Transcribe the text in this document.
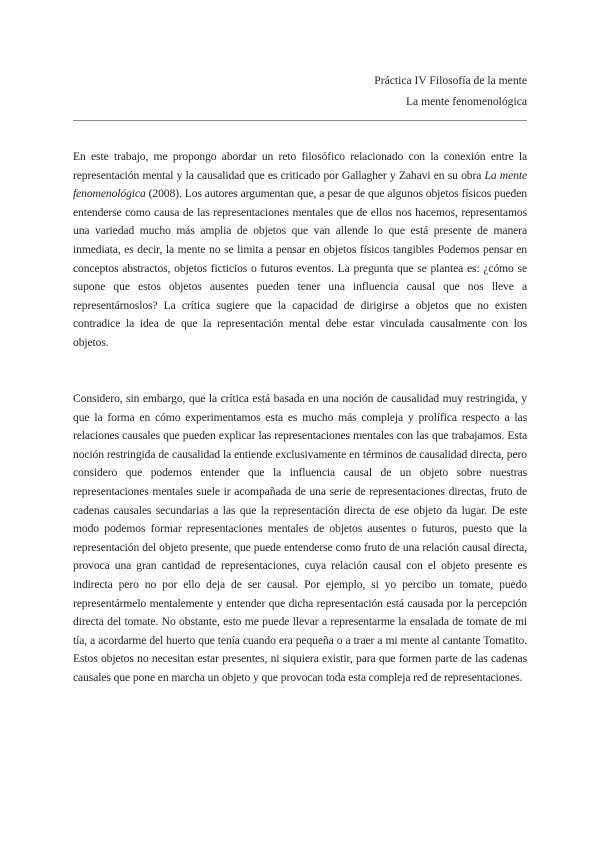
Práctica IV Filosofía de la mente
La mente fenomenológica

En este trabajo, me propongo abordar un reto filosófico relacionado con la conexión entre la representación mental y la causalidad que es criticado por Gallagher y Zahavi en su obra La mente fenomenológica (2008). Los autores argumentan que, a pesar de que algunos objetos físicos pueden entenderse como causa de las representaciones mentales que de ellos nos hacemos, representamos una variedad mucho más amplia de objetos que van allende lo que está presente de manera inmediata, es decir, la mente no se limita a pensar en objetos físicos tangibles Podemos pensar en conceptos abstractos, objetos ficticios o futuros eventos. La pregunta que se plantea es: ¿cómo se supone que estos objetos ausentes pueden tener una influencia causal que nos lleve a representárnoslos? La crítica sugiere que la capacidad de dirigirse a objetos que no existen contradice la idea de que la representación mental debe estar vinculada causalmente con los objetos.

Considero, sin embargo, que la crítica está basada en una noción de causalidad muy restringida, y que la forma en cómo experimentamos esta es mucho más compleja y prolífica respecto a las relaciones causales que pueden explicar las representaciones mentales con las que trabajamos. Esta noción restringida de causalidad la entiende exclusivamente en términos de causalidad directa, pero considero que podemos entender que la influencia causal de un objeto sobre nuestras representaciones mentales suele ir acompañada de una serie de representaciones directas, fruto de cadenas causales secundarias a las que la representación directa de ese objeto da lugar. De este modo podemos formar representaciones mentales de objetos ausentes o futuros, puesto que la representación del objeto presente, que puede entenderse como fruto de una relación causal directa, provoca una gran cantidad de representaciones, cuya relación causal con el objeto presente es indirecta pero no por ello deja de ser causal. Por ejemplo, si yo percibo un tomate, puedo representármelo mentalemente y entender que dicha representación está causada por la percepción directa del tomate. No obstante, esto me puede llevar a representarme la ensalada de tomate de mi tía, a acordarme del huerto que tenía cuando era pequeña o a traer a mi mente al cantante Tomatito. Estos objetos no necesitan estar presentes, ni siquiera existir, para que formen parte de las cadenas causales que pone en marcha un objeto y que provocan toda esta compleja red de representaciones.
